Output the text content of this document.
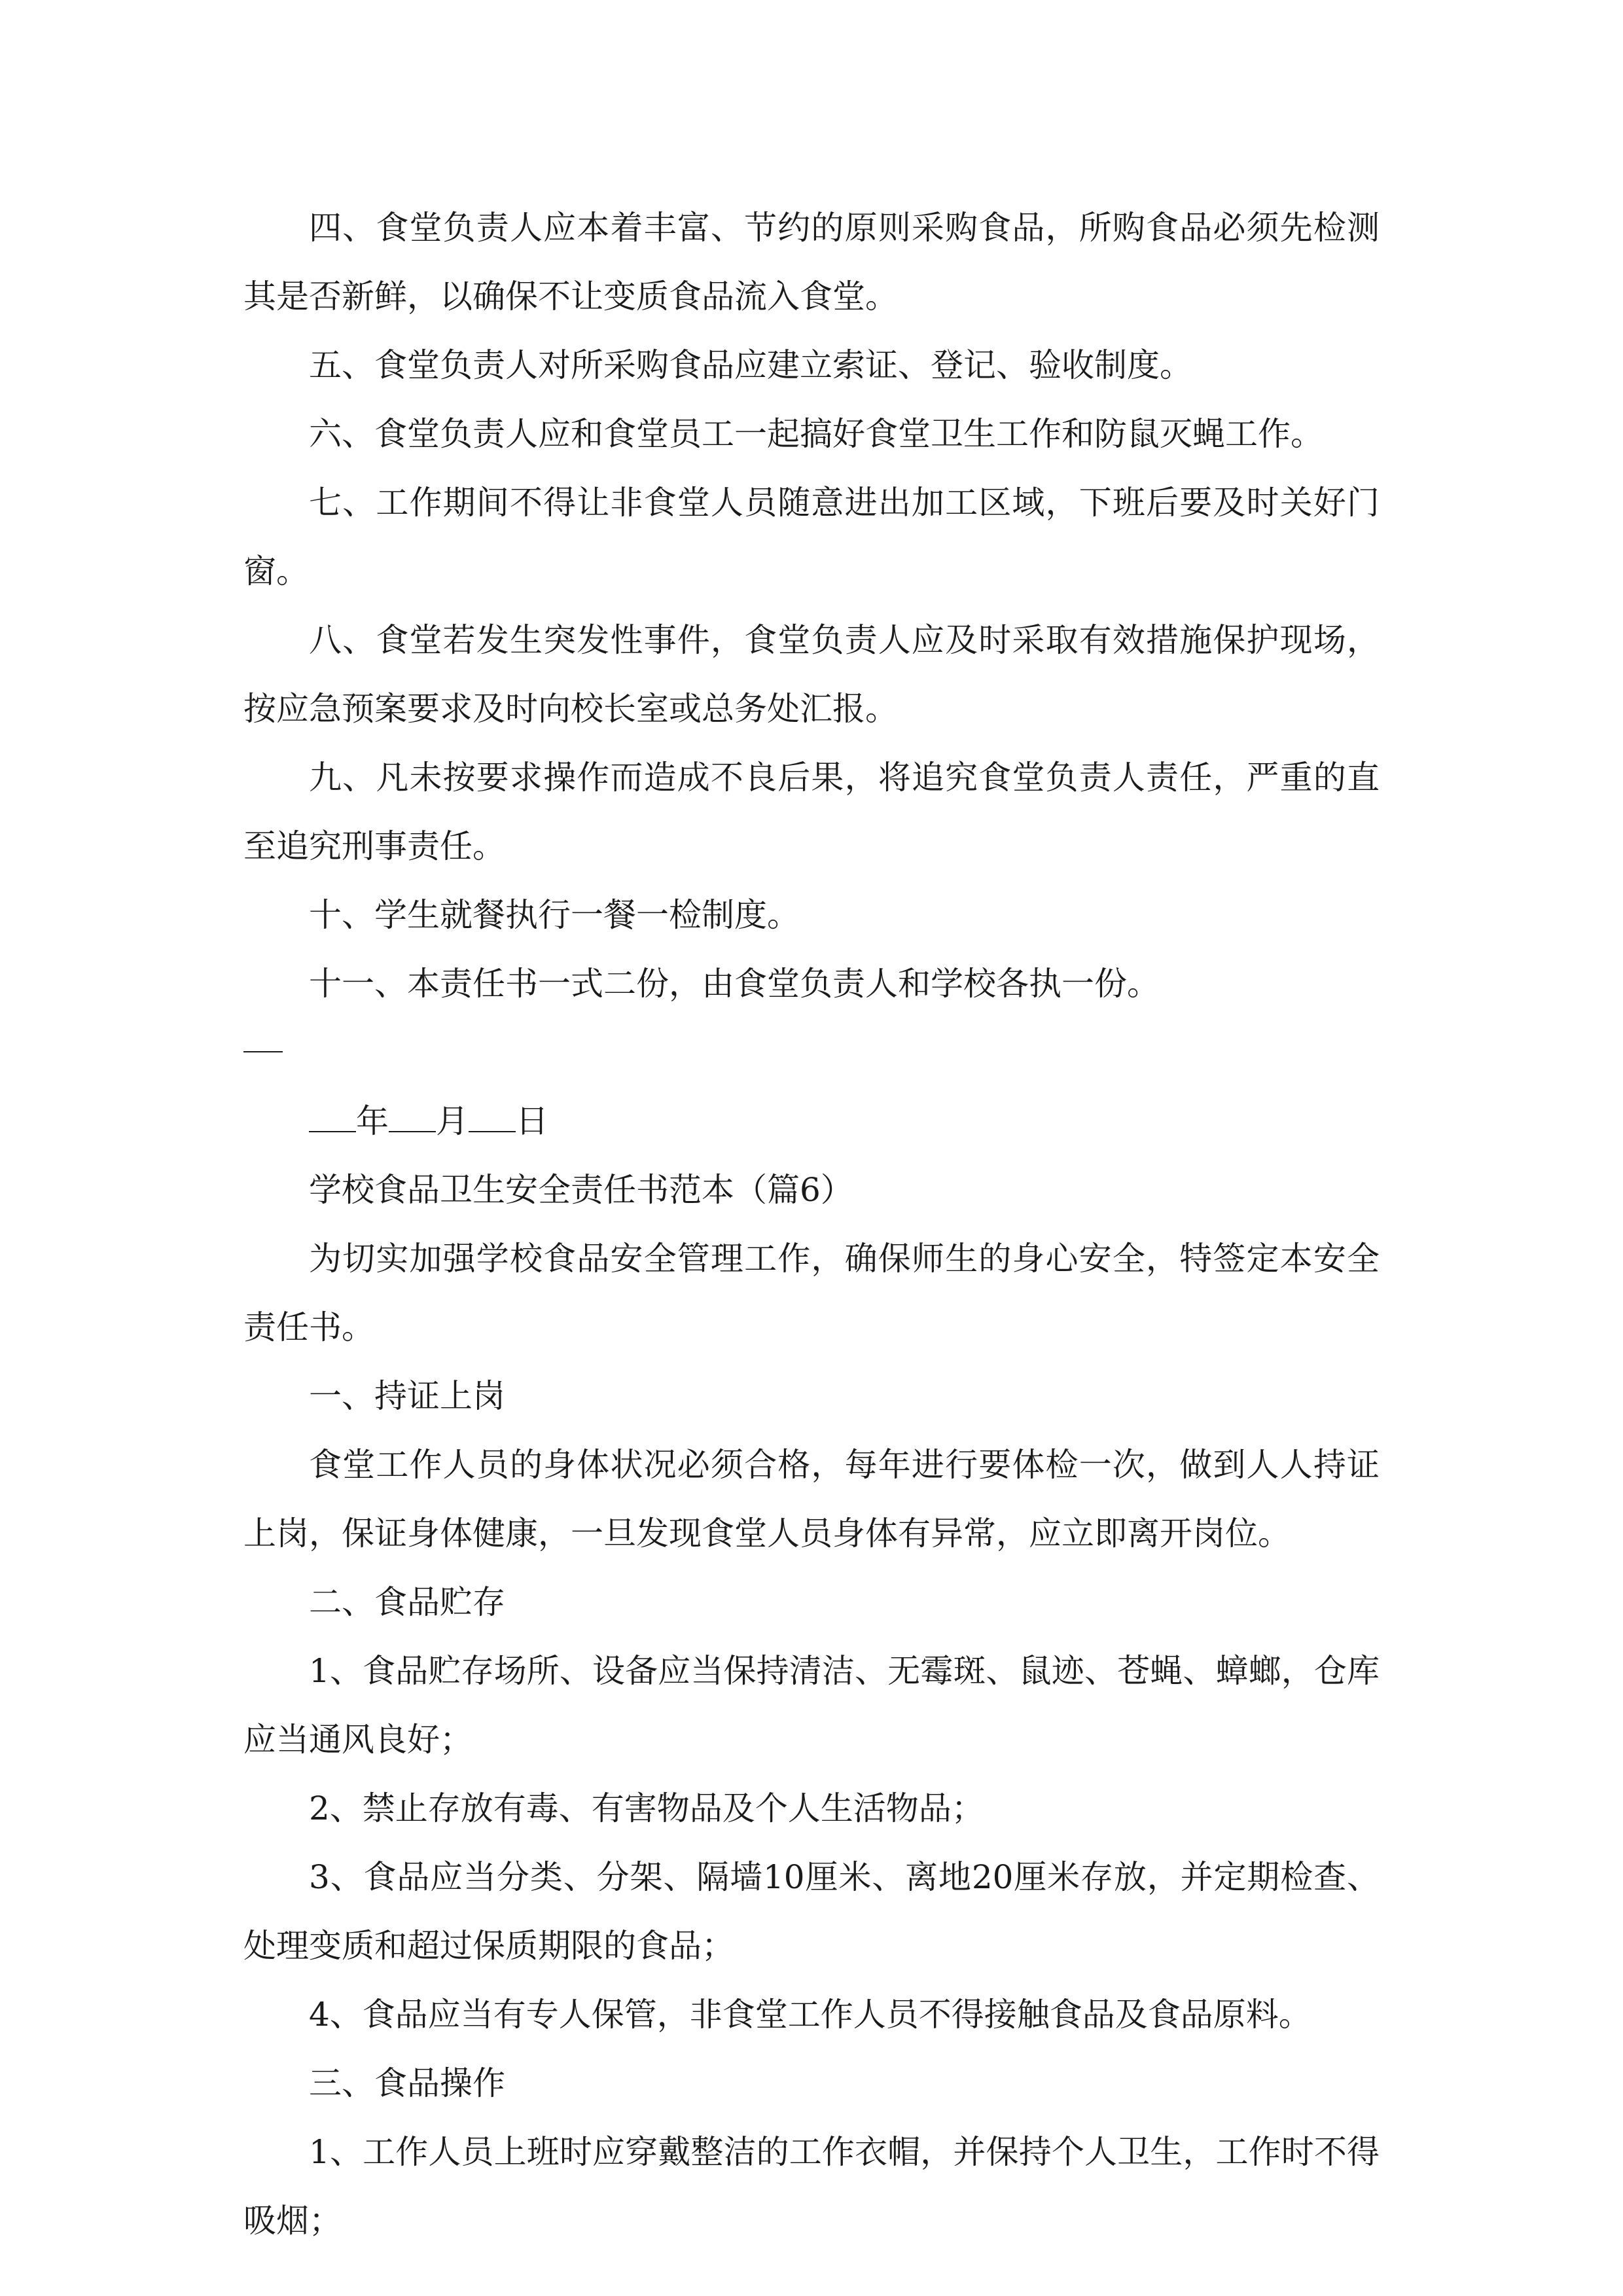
四、食堂负责人应本着丰富、节约的原则采购食品，所购食品必须先检测其是否新鲜，以确保不让变质食品流入食堂。

五、食堂负责人对所采购食品应建立索证、登记、验收制度。

六、食堂负责人应和食堂员工一起搞好食堂卫生工作和防鼠灭蝇工作。

七、工作期间不得让非食堂人员随意进出加工区域，下班后要及时关好门窗。

八、食堂若发生突发性事件，食堂负责人应及时采取有效措施保护现场，按应急预案要求及时向校长室或总务处汇报。

九、凡未按要求操作而造成不良后果，将追究食堂负责人责任，严重的直至追究刑事责任。

十、学生就餐执行一餐一检制度。

十一、本责任书一式二份，由食堂负责人和学校各执一份。

年 月 日

学校食品卫生安全责任书范本（篇6）

为切实加强学校食品安全管理工作，确保师生的身心安全，特签定本安全责任书。

一、持证上岗

食堂工作人员的身体状况必须合格，每年进行要体检一次，做到人人持证上岗，保证身体健康，一旦发现食堂人员身体有异常，应立即离开岗位。

二、食品贮存

1、食品贮存场所、设备应当保持清洁、无霉斑、鼠迹、苍蝇、蟑螂，仓库应当通风良好；

2、禁止存放有毒、有害物品及个人生活物品；

3、食品应当分类、分架、隔墙10厘米、离地20厘米存放，并定期检查、处理变质和超过保质期限的食品；

4、食品应当有专人保管，非食堂工作人员不得接触食品及食品原料。

三、食品操作

1、工作人员上班时应穿戴整洁的工作衣帽，并保持个人卫生，工作时不得吸烟；
